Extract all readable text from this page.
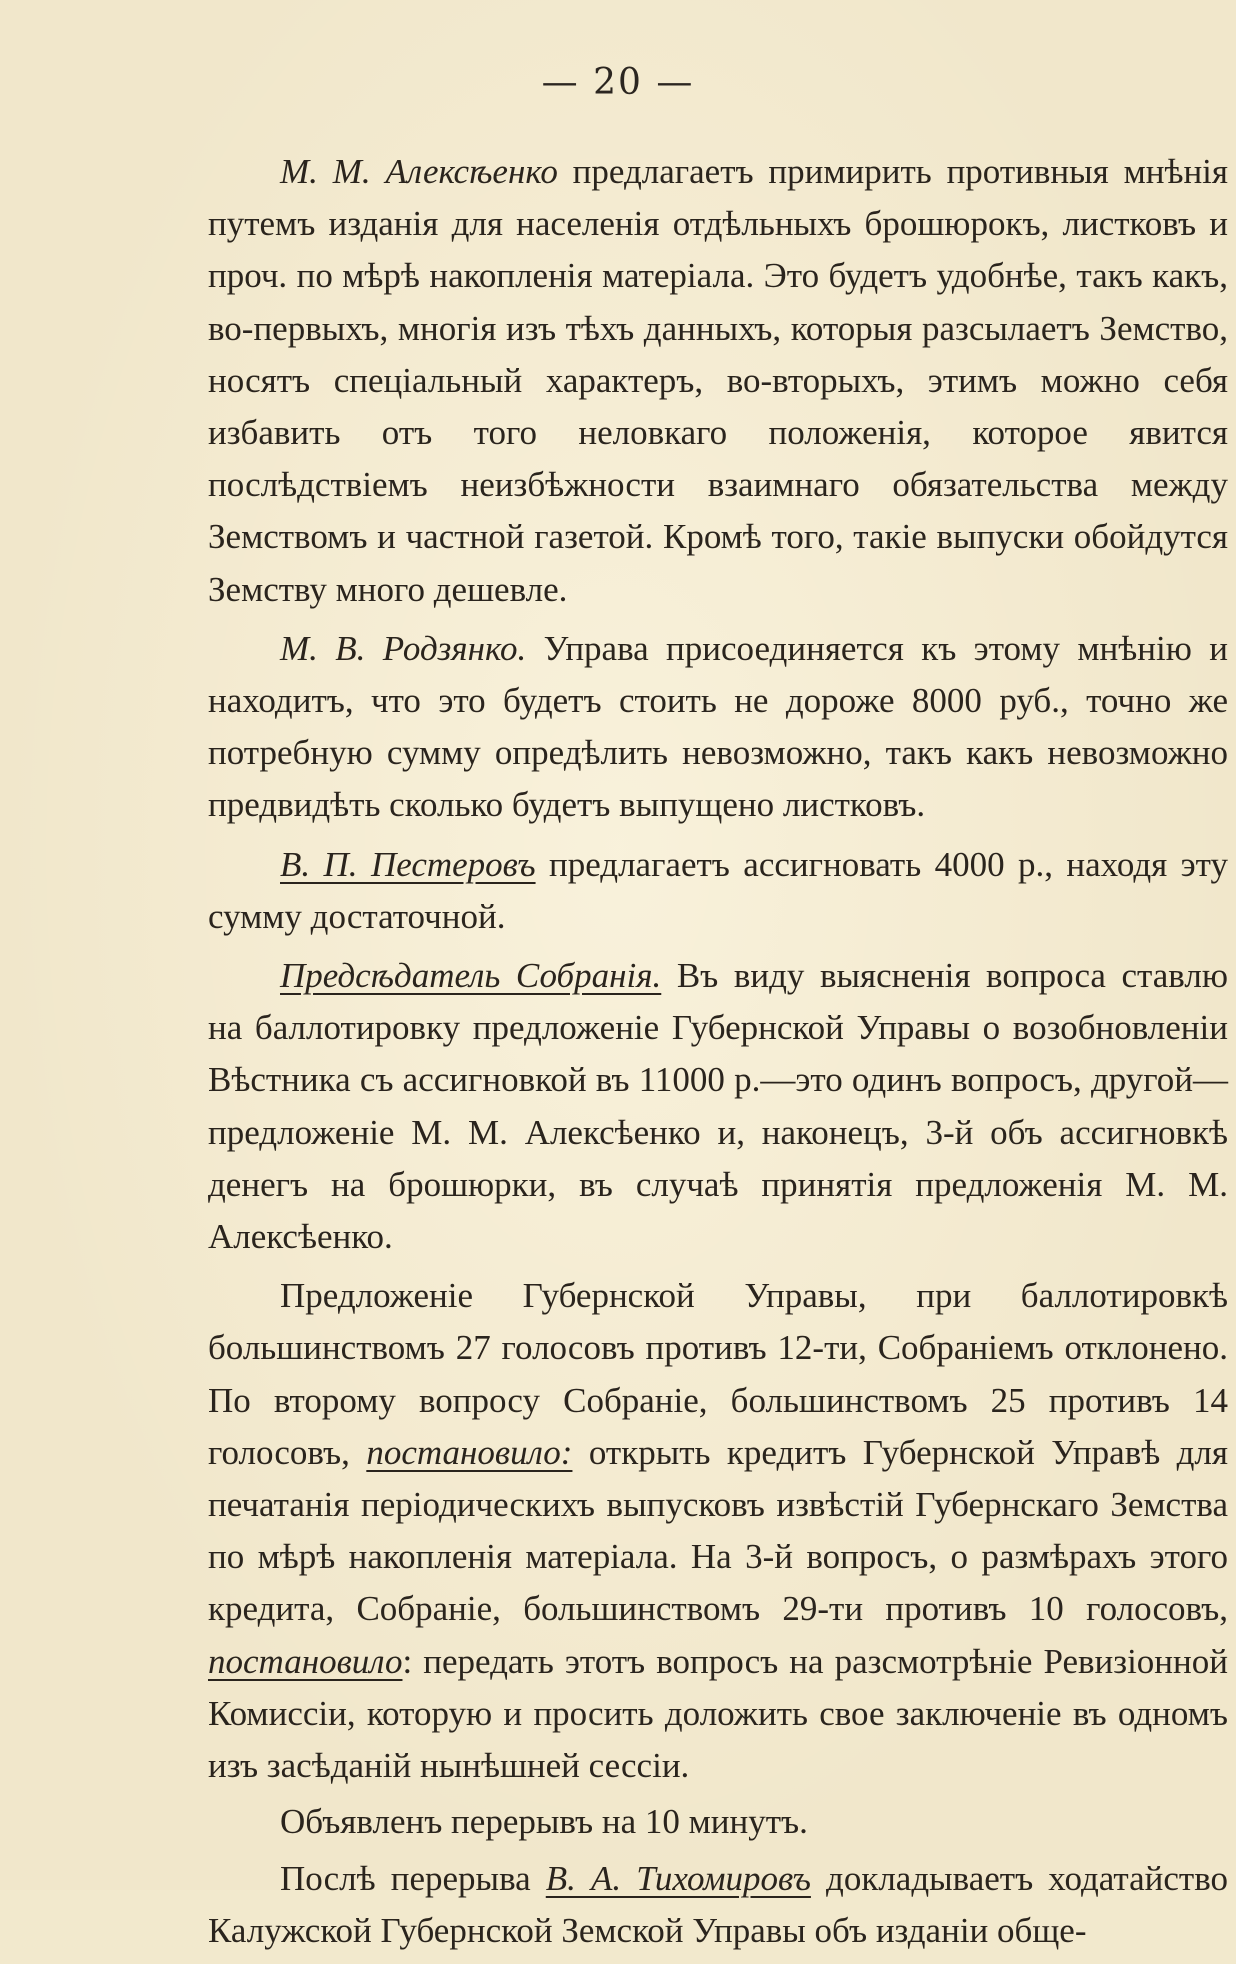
— 20 —

М. М. Алексѣенко предлагаетъ примирить противныя мнѣнія путемъ изданія для населенія отдѣльныхъ брошюрокъ, листковъ и проч. по мѣрѣ накопленія матеріала. Это будетъ удобнѣе, такъ какъ, во-первыхъ, многія изъ тѣхъ данныхъ, которыя разсылаетъ Земство, носятъ спеціальный характеръ, во-вторыхъ, этимъ можно себя избавить отъ того неловкаго положенія, которое явится послѣдствіемъ неизбѣжности взаимнаго обязательства между Земствомъ и частной газетой. Кромѣ того, такіе выпуски обойдутся Земству много дешевле.

М. В. Родзянко. Управа присоединяется къ этому мнѣнію и находитъ, что это будетъ стоить не дороже 8000 руб., точно же потребную сумму опредѣлить невозможно, такъ какъ невозможно предвидѣть сколько будетъ выпущено листковъ.

В. П. Пестеровъ предлагаетъ ассигновать 4000 р., находя эту сумму достаточной.

Предсѣдатель Собранія. Въ виду выясненія вопроса ставлю на баллотировку предложеніе Губернской Управы о возобновленіи Вѣстника съ ассигновкой въ 11000 р.—это одинъ вопросъ, другой—предложеніе М. М. Алексѣенко и, наконецъ, 3-й объ ассигновкѣ денегъ на брошюрки, въ случаѣ принятія предложенія М. М. Алексѣенко.

Предложеніе Губернской Управы, при баллотировкѣ большинствомъ 27 голосовъ противъ 12-ти, Собраніемъ отклонено. По второму вопросу Собраніе, большинствомъ 25 противъ 14 голосовъ, постановило: открыть кредитъ Губернской Управѣ для печатанія періодическихъ выпусковъ извѣстій Губернскаго Земства по мѣрѣ накопленія матеріала. На 3-й вопросъ, о размѣрахъ этого кредита, Собраніе, большинствомъ 29-ти противъ 10 голосовъ, постановило: передать этотъ вопросъ на разсмотрѣніе Ревизіонной Комиссіи, которую и просить доложить свое заключеніе въ одномъ изъ засѣданій нынѣшней сессіи.

Объявленъ перерывъ на 10 минутъ.

Послѣ перерыва В. А. Тихомировъ докладываетъ ходатайство Калужской Губернской Земской Управы объ изданіи обще-
